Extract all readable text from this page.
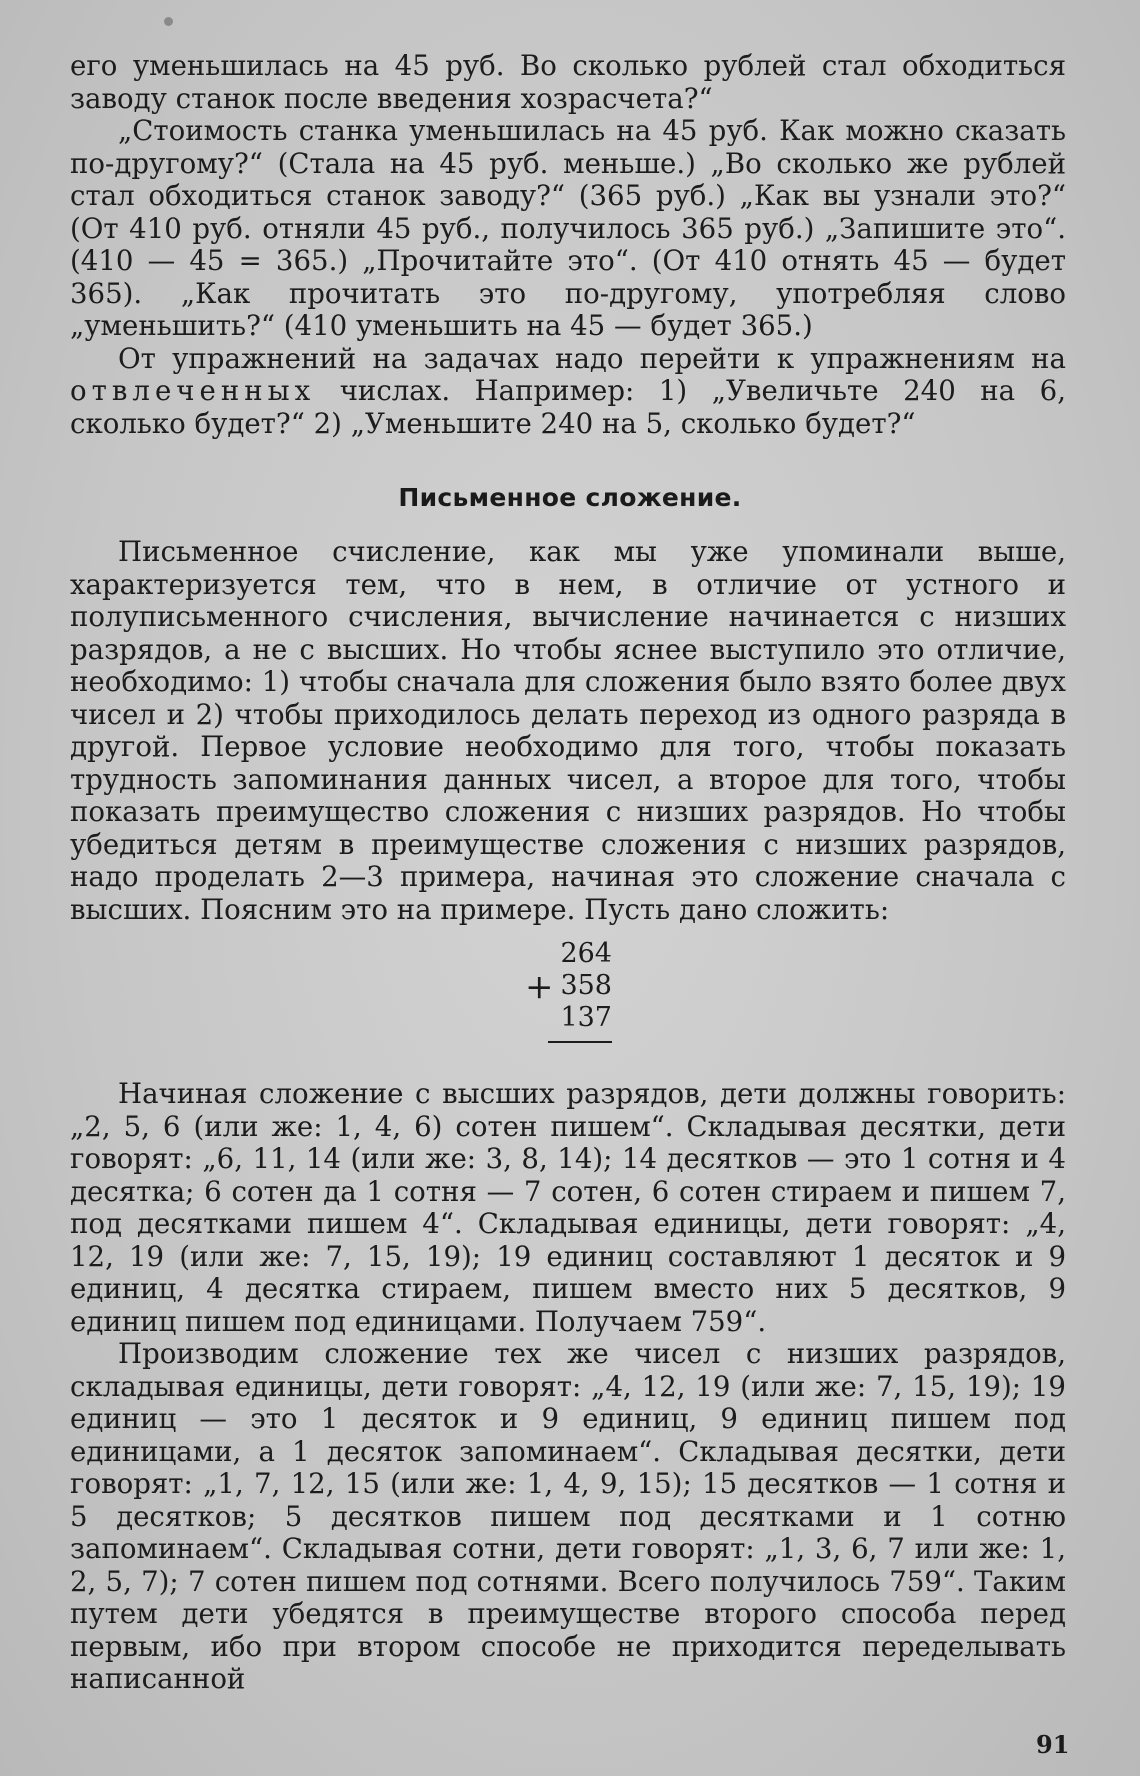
его уменьшилась на 45 руб. Во сколько рублей стал обходиться заводу станок после введения хозрасчета?“

„Стоимость станка уменьшилась на 45 руб. Как можно сказать по-другому?“ (Стала на 45 руб. меньше.) „Во сколько же рублей стал обходиться станок заводу?“ (365 руб.) „Как вы узнали это?“ (От 410 руб. отняли 45 руб., получилось 365 руб.) „Запишите это“. (410 — 45 = 365.) „Прочитайте это“. (От 410 отнять 45 — будет 365). „Как прочитать это по-другому, употребляя слово „уменьшить?“ (410 уменьшить на 45 — будет 365.)

От упражнений на задачах надо перейти к упражнениям на отвлеченных числах. Например: 1) „Увеличьте 240 на 6, сколько будет?“ 2) „Уменьшите 240 на 5, сколько будет?“

Письменное сложение.

Письменное счисление, как мы уже упоминали выше, характеризуется тем, что в нем, в отличие от устного и полуписьменного счисления, вычисление начинается с низших разрядов, а не с высших. Но чтобы яснее выступило это отличие, необходимо: 1) чтобы сначала для сложения было взято более двух чисел и 2) чтобы приходилось делать переход из одного разряда в другой. Первое условие необходимо для того, чтобы показать трудность запоминания данных чисел, а второе для того, чтобы показать преимущество сложения с низших разрядов. Но чтобы убедиться детям в преимуществе сложения с низших разрядов, надо проделать 2—3 примера, начиная это сложение сначала с высших. Поясним это на примере. Пусть дано сложить:

264
+ 358
137

Начиная сложение с высших разрядов, дети должны говорить: „2, 5, 6 (или же: 1, 4, 6) сотен пишем“. Складывая десятки, дети говорят: „6, 11, 14 (или же: 3, 8, 14); 14 десятков — это 1 сотня и 4 десятка; 6 сотен да 1 сотня — 7 сотен, 6 сотен стираем и пишем 7, под десятками пишем 4“. Складывая единицы, дети говорят: „4, 12, 19 (или же: 7, 15, 19); 19 единиц составляют 1 десяток и 9 единиц, 4 десятка стираем, пишем вместо них 5 десятков, 9 единиц пишем под единицами. Получаем 759“.

Производим сложение тех же чисел с низших разрядов, складывая единицы, дети говорят: „4, 12, 19 (или же: 7, 15, 19); 19 единиц — это 1 десяток и 9 единиц, 9 единиц пишем под единицами, а 1 десяток запоминаем“. Складывая десятки, дети говорят: „1, 7, 12, 15 (или же: 1, 4, 9, 15); 15 десятков — 1 сотня и 5 десятков; 5 десятков пишем под десятками и 1 сотню запоминаем“. Складывая сотни, дети говорят: „1, 3, 6, 7 или же: 1, 2, 5, 7); 7 сотен пишем под сотнями. Всего получилось 759“. Таким путем дети убедятся в преимуществе второго способа перед первым, ибо при втором способе не приходится переделывать написанной

91
